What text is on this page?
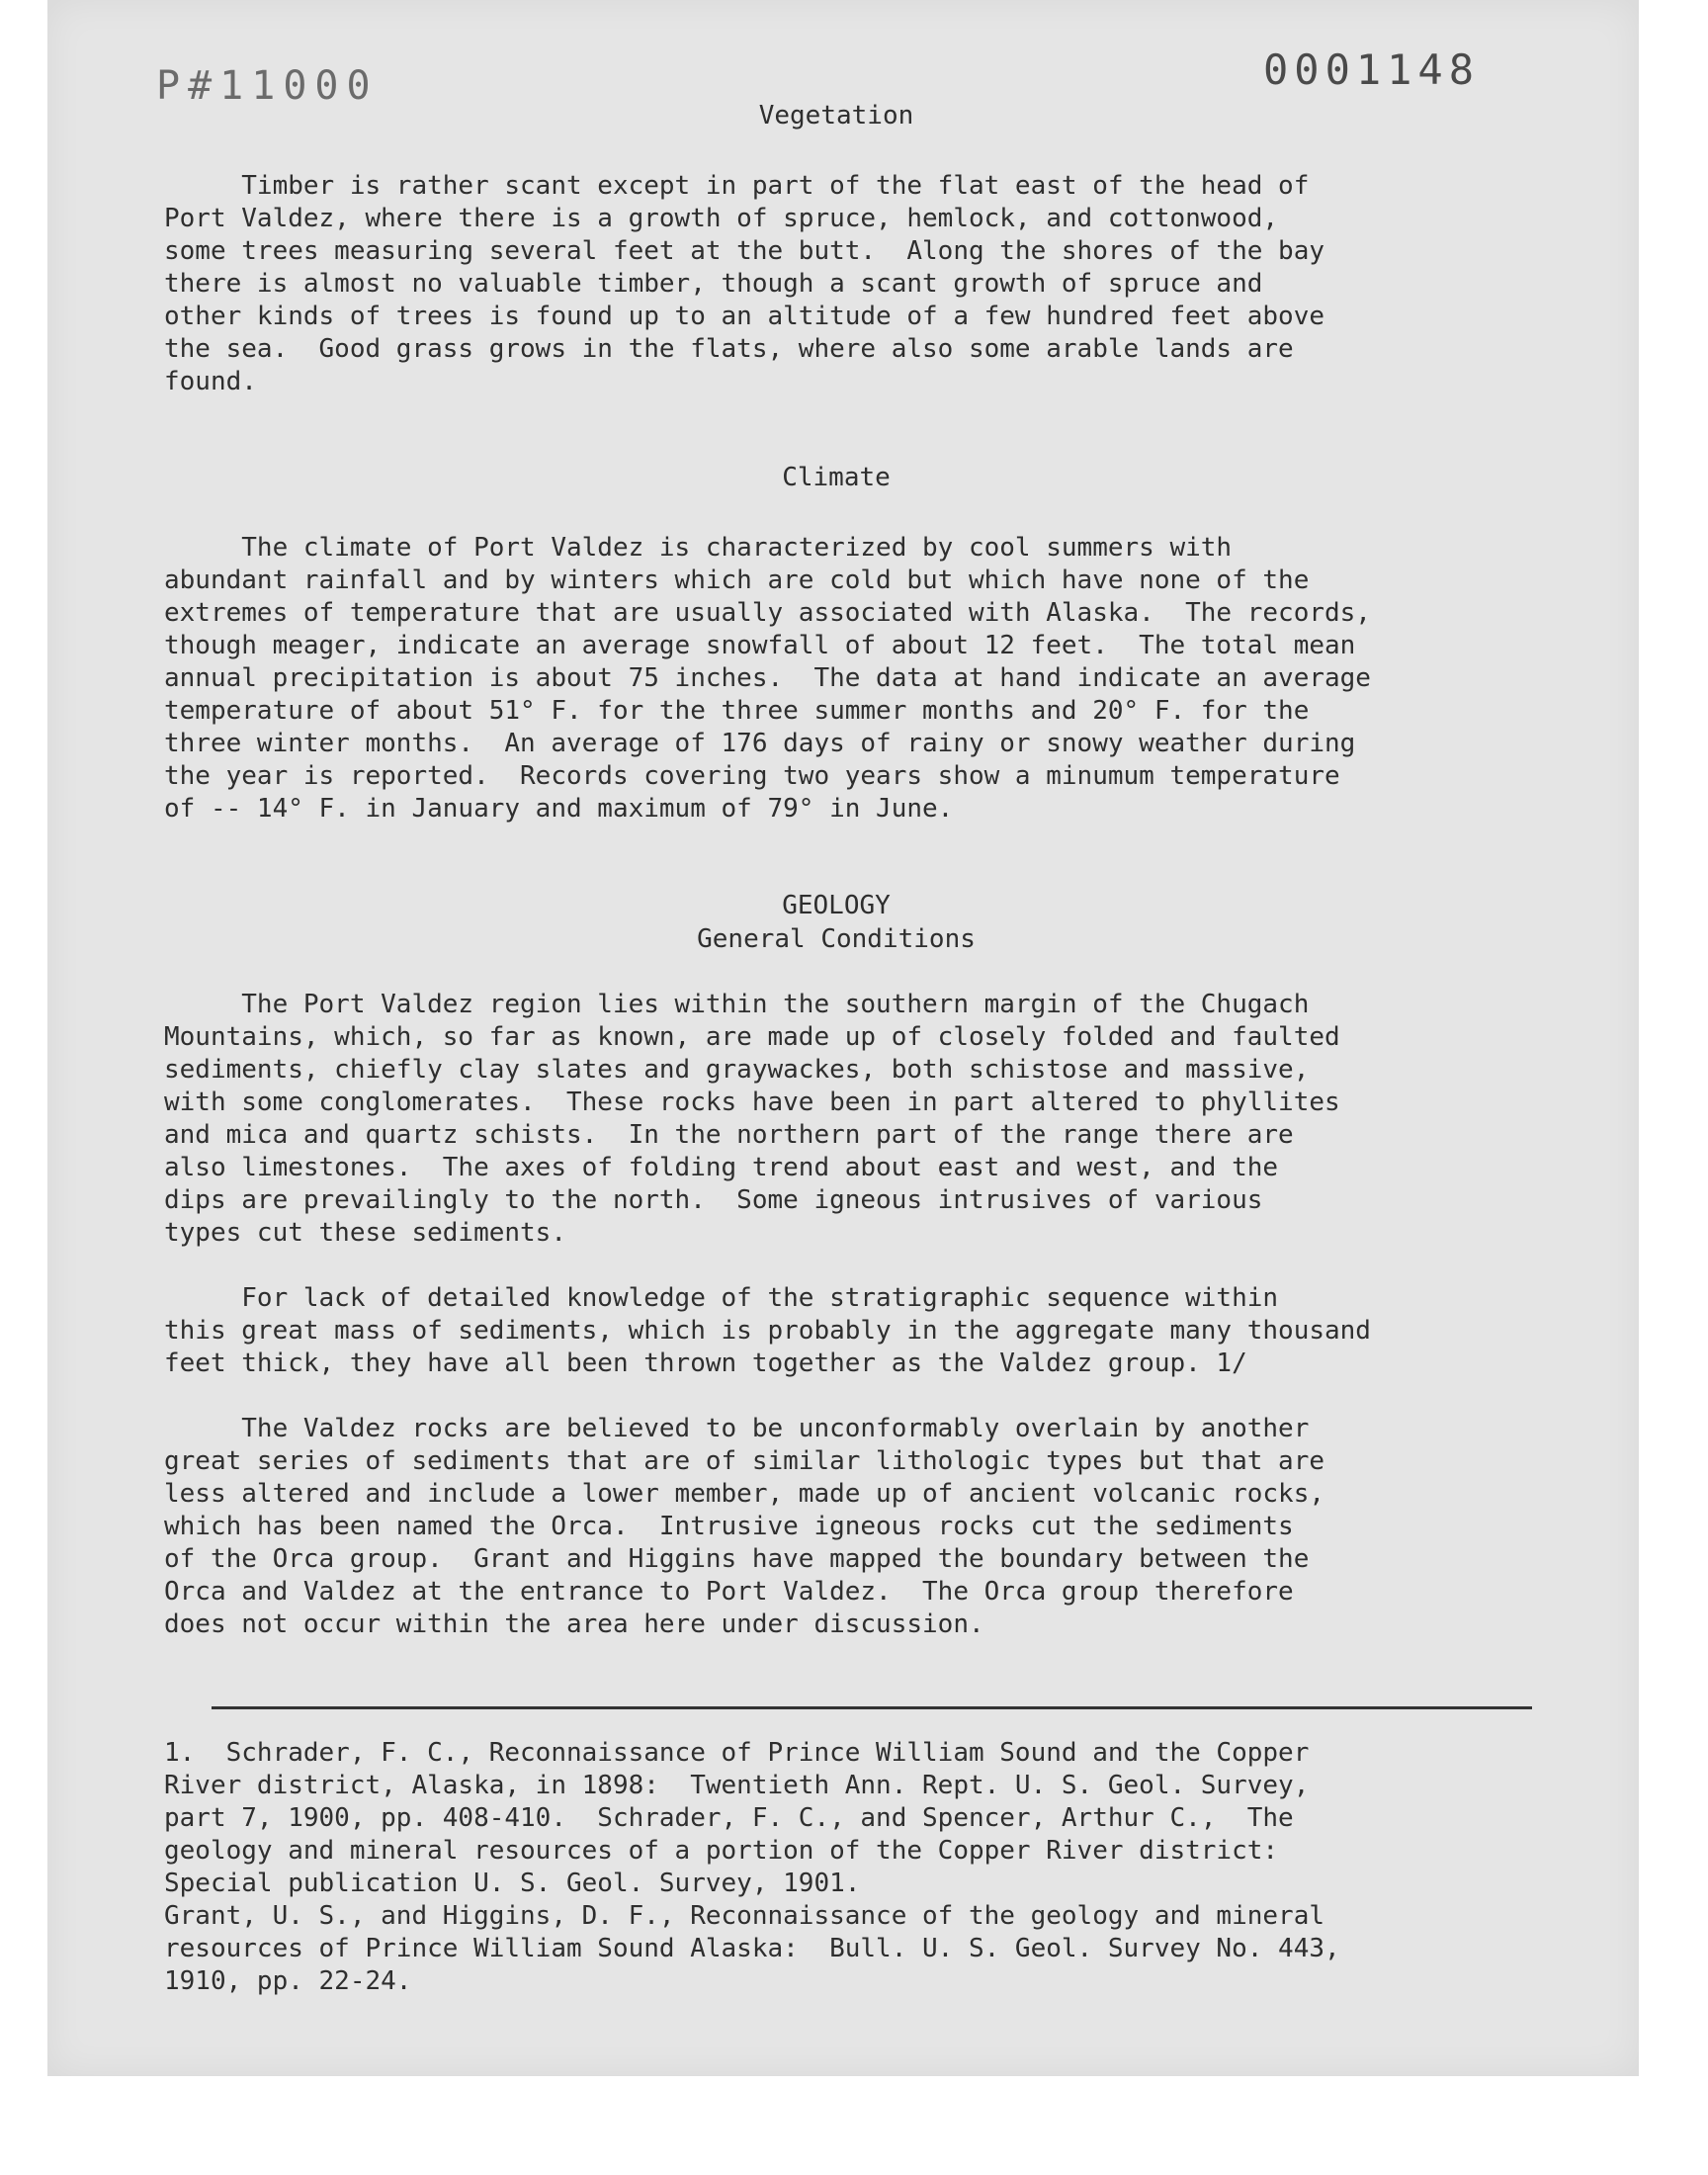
P#11000	0001148
Vegetation

Timber is rather scant except in part of the flat east of the head of
Port Valdez, where there is a growth of spruce, hemlock, and cottonwood,
some trees measuring several feet at the butt.  Along the shores of the bay
there is almost no valuable timber, though a scant growth of spruce and
other kinds of trees is found up to an altitude of a few hundred feet above
the sea.  Good grass grows in the flats, where also some arable lands are
found.

Climate

The climate of Port Valdez is characterized by cool summers with
abundant rainfall and by winters which are cold but which have none of the
extremes of temperature that are usually associated with Alaska.  The records,
though meager, indicate an average snowfall of about 12 feet.  The total mean
annual precipitation is about 75 inches.  The data at hand indicate an average
temperature of about 51° F. for the three summer months and 20° F. for the
three winter months.  An average of 176 days of rainy or snowy weather during
the year is reported.  Records covering two years show a minumum temperature
of -- 14° F. in January and maximum of 79° in June.

GEOLOGY
General Conditions

The Port Valdez region lies within the southern margin of the Chugach
Mountains, which, so far as known, are made up of closely folded and faulted
sediments, chiefly clay slates and graywackes, both schistose and massive,
with some conglomerates.  These rocks have been in part altered to phyllites
and mica and quartz schists.  In the northern part of the range there are
also limestones.  The axes of folding trend about east and west, and the
dips are prevailingly to the north.  Some igneous intrusives of various
types cut these sediments.

For lack of detailed knowledge of the stratigraphic sequence within
this great mass of sediments, which is probably in the aggregate many thousand
feet thick, they have all been thrown together as the Valdez group. 1/

The Valdez rocks are believed to be unconformably overlain by another
great series of sediments that are of similar lithologic types but that are
less altered and include a lower member, made up of ancient volcanic rocks,
which has been named the Orca.  Intrusive igneous rocks cut the sediments
of the Orca group.  Grant and Higgins have mapped the boundary between the
Orca and Valdez at the entrance to Port Valdez.  The Orca group therefore
does not occur within the area here under discussion.

1.  Schrader, F. C., Reconnaissance of Prince William Sound and the Copper
River district, Alaska, in 1898:  Twentieth Ann. Rept. U. S. Geol. Survey,
part 7, 1900, pp. 408-410.  Schrader, F. C., and Spencer, Arthur C.,  The
geology and mineral resources of a portion of the Copper River district:
Special publication U. S. Geol. Survey, 1901.
Grant, U. S., and Higgins, D. F., Reconnaissance of the geology and mineral
resources of Prince William Sound Alaska:  Bull. U. S. Geol. Survey No. 443,
1910, pp. 22-24.
